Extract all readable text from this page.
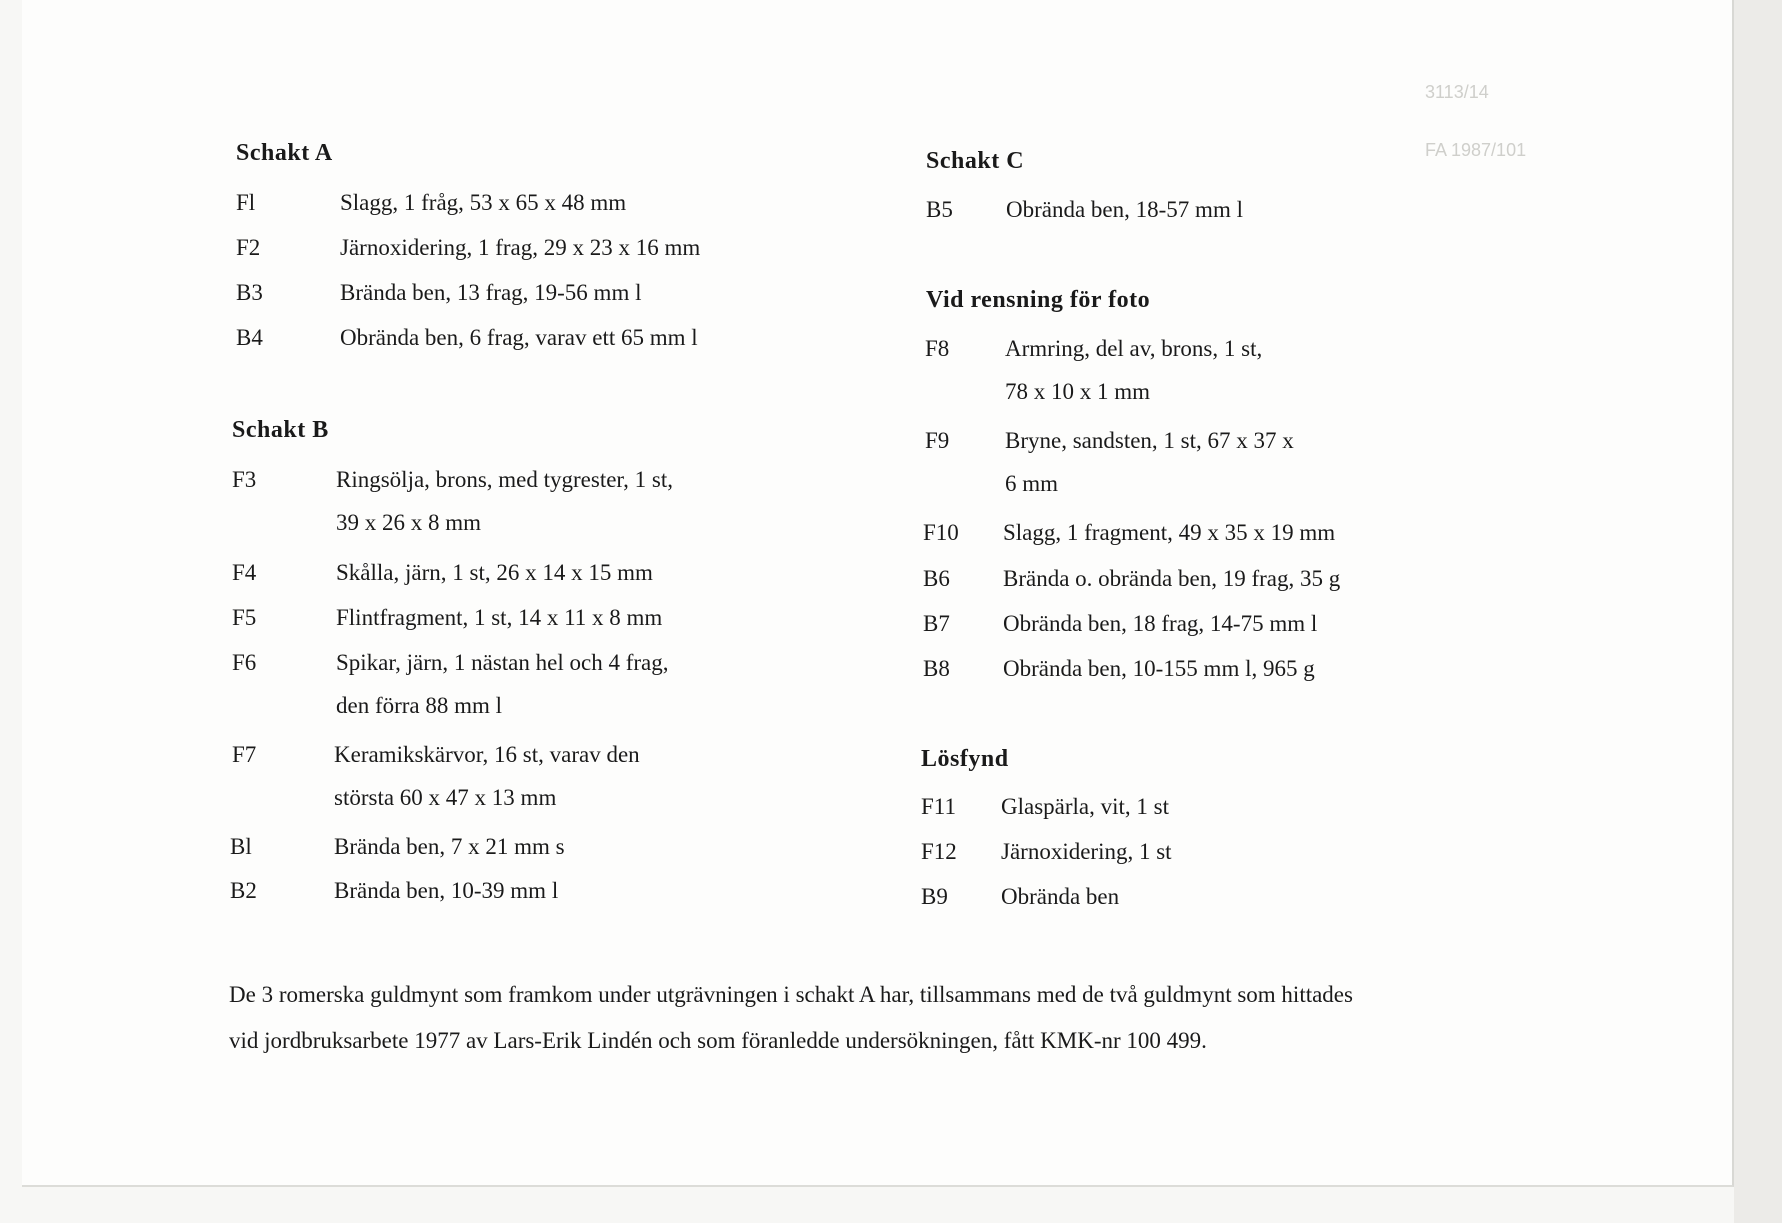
3113/14
FA 1987/101
Schakt A
Fl	Slagg, 1 fråg, 53 x 65 x 48 mm
F2	Järnoxidering, 1 frag, 29 x 23 x 16 mm
B3	Brända ben, 13 frag, 19-56 mm l
B4	Obrända ben, 6 frag, varav ett 65 mm l
Schakt B
F3	Ringsölja, brons, med tygrester, 1 st,
39 x 26 x 8 mm
F4	Skålla, järn, 1 st, 26 x 14 x 15 mm
F5	Flintfragment, 1 st, 14 x 11 x 8 mm
F6	Spikar, järn, 1 nästan hel och 4 frag,
den förra 88 mm l
F7	Keramikskärvor, 16 st, varav den
största 60 x 47 x 13 mm
Bl	Brända ben, 7 x 21 mm s
B2	Brända ben, 10-39 mm l
Schakt C
B5 Obrända ben, 18-57 mm l
Vid rensning för foto
F8 Armring, del av, brons, 1 st,
78 x 10 x 1 mm
F9 Bryne, sandsten, 1 st, 67 x 37 x
6 mm
F10 Slagg, 1 fragment, 49 x 35 x 19 mm
B6 Brända o. obrända ben, 19 frag, 35 g
B7 Obrända ben, 18 frag, 14-75 mm l
B8 Obrända ben, 10-155 mm l, 965 g
Lösfynd
F11 Glaspärla, vit, 1 st
F12 Järnoxidering, 1 st
B9 Obrända ben
De 3 romerska guldmynt som framkom under utgrävningen i schakt A har, tillsammans med de två guldmynt som hittades
vid jordbruksarbete 1977 av Lars-Erik Lindén och som föranledde undersökningen, fått KMK-nr 100 499.
